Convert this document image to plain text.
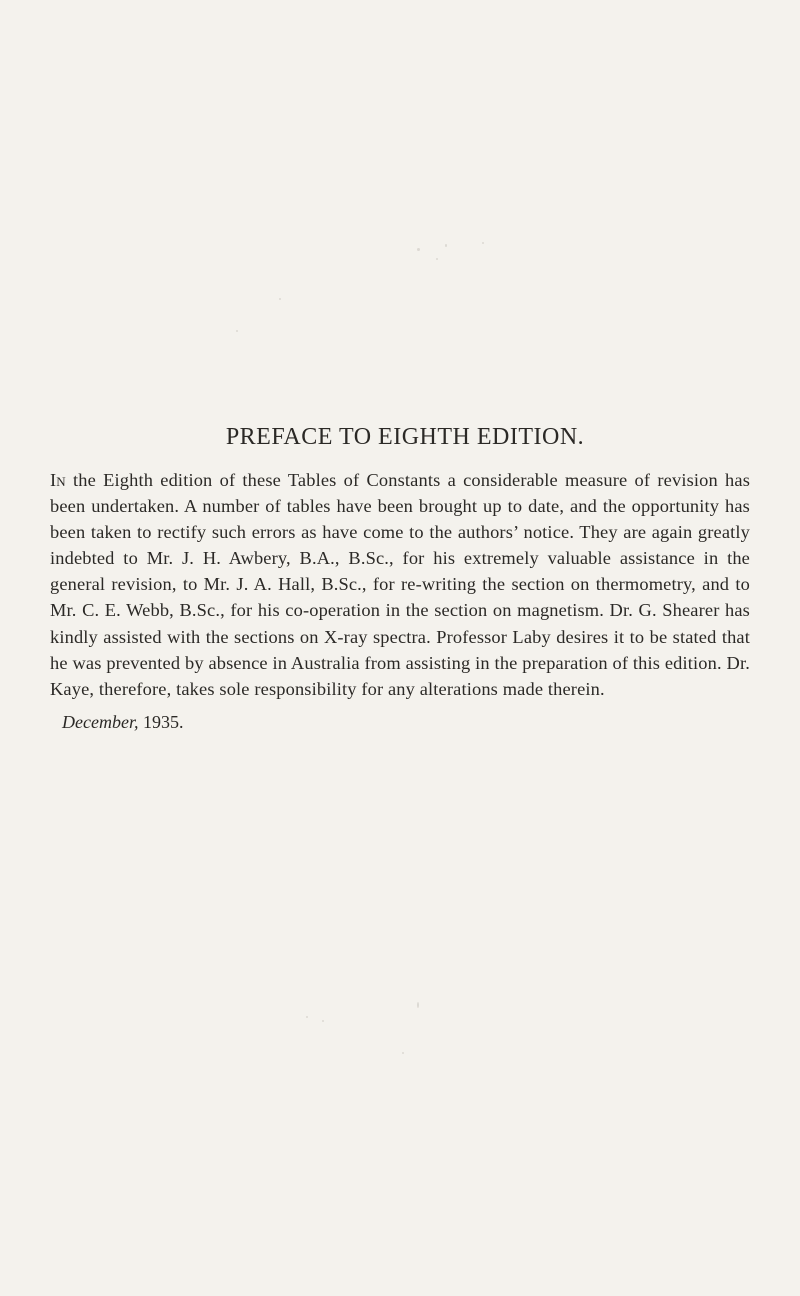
PREFACE TO EIGHTH EDITION.

In the Eighth edition of these Tables of Constants a considerable measure of revision has been undertaken. A number of tables have been brought up to date, and the opportunity has been taken to rectify such errors as have come to the authors’ notice. They are again greatly indebted to Mr. J. H. Awbery, B.A., B.Sc., for his extremely valuable assistance in the general revision, to Mr. J. A. Hall, B.Sc., for re-writing the section on thermometry, and to Mr. C. E. Webb, B.Sc., for his co-operation in the section on magnetism. Dr. G. Shearer has kindly assisted with the sections on X-ray spectra. Professor Laby desires it to be stated that he was prevented by absence in Australia from assisting in the preparation of this edition. Dr. Kaye, therefore, takes sole responsibility for any alterations made therein.

December, 1935.
